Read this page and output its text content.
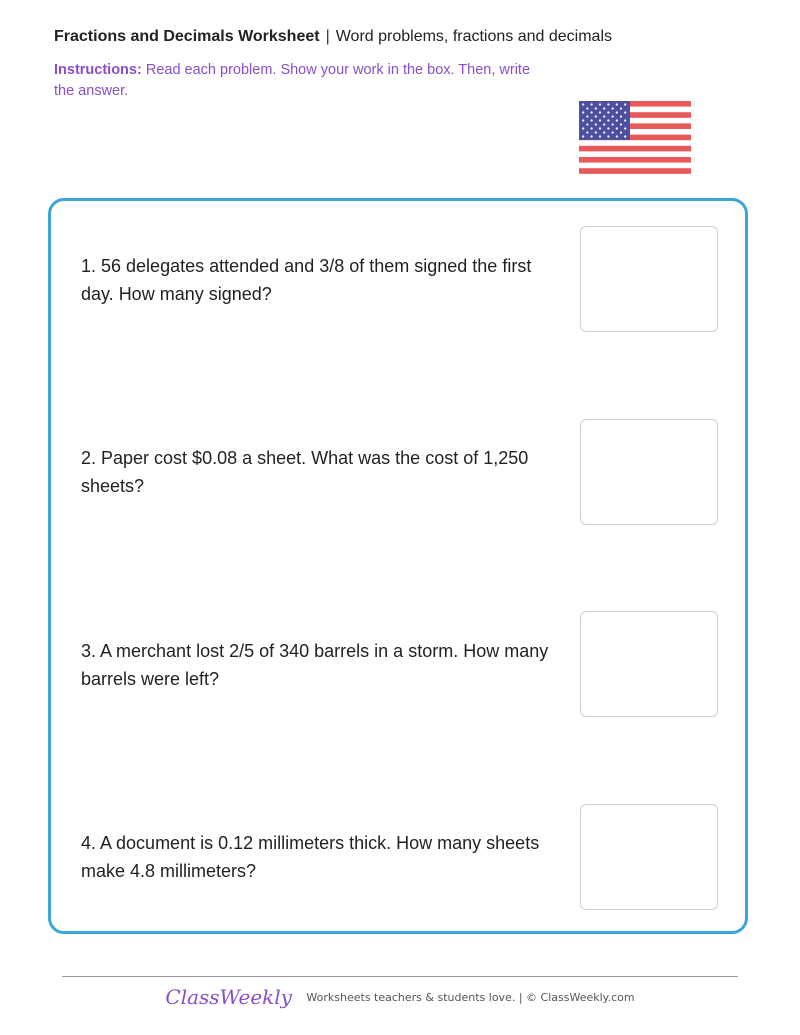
Fractions and Decimals Worksheet | Word problems, fractions and decimals
Instructions: Read each problem. Show your work in the box. Then, write the answer.
1. 56 delegates attended and 3/8 of them signed the first day. How many signed?
2. Paper cost $0.08 a sheet. What was the cost of 1,250 sheets?
3. A merchant lost 2/5 of 340 barrels in a storm. How many barrels were left?
4. A document is 0.12 millimeters thick. How many sheets make 4.8 millimeters?
ClassWeekly Worksheets teachers & students love. | © ClassWeekly.com
